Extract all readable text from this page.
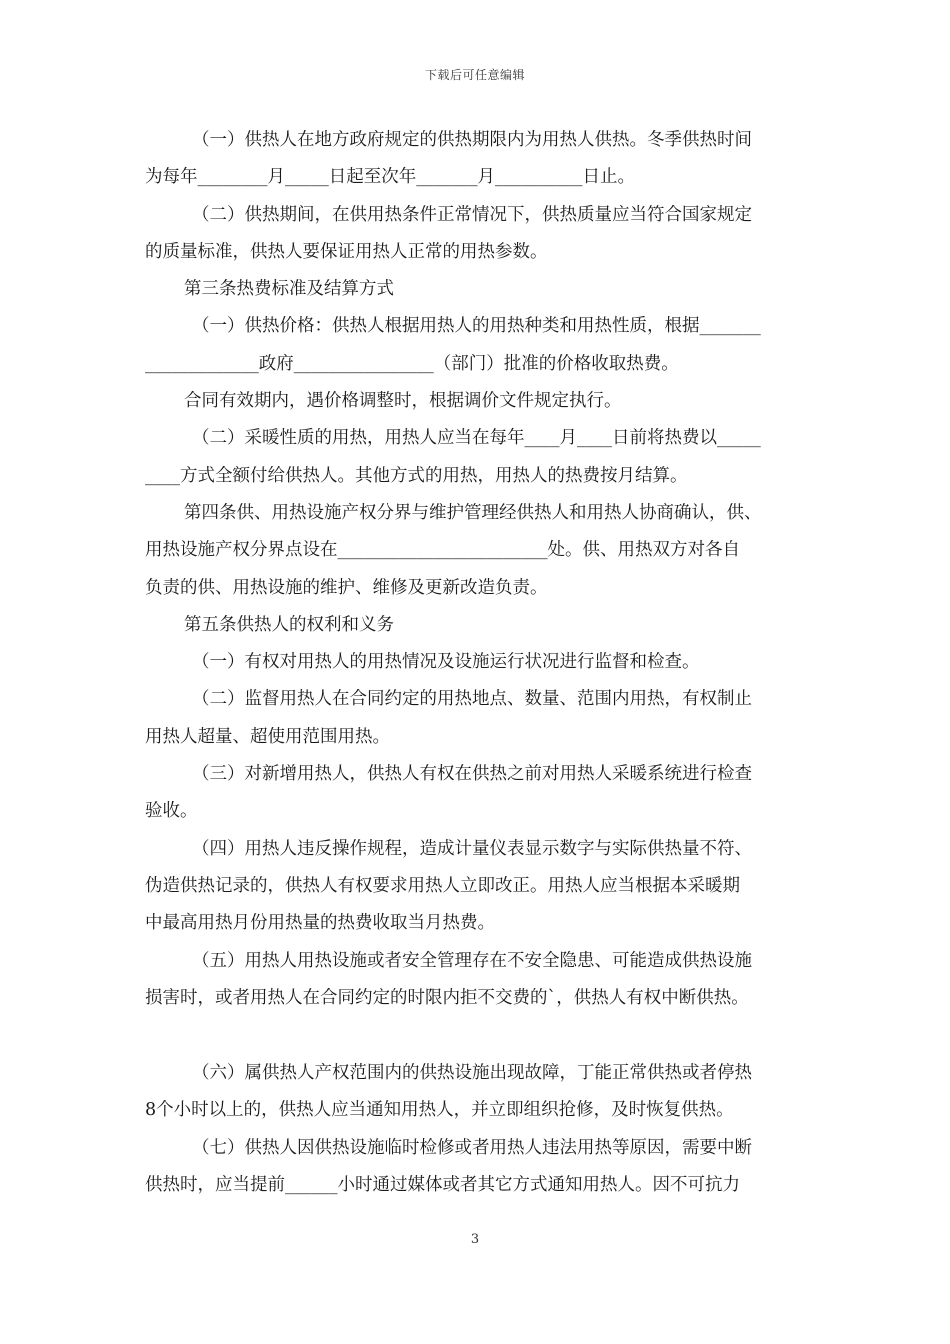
下载后可任意编辑
（一）供热人在地方政府规定的供热期限内为用热人供热。冬季供热时间
为每年________月_____日起至次年_______月__________日止。
（二）供热期间，在供用热条件正常情况下，供热质量应当符合国家规定
的质量标准，供热人要保证用热人正常的用热参数。
第三条热费标准及结算方式
（一）供热价格：供热人根据用热人的用热种类和用热性质，根据_______
_____________政府________________（部门）批准的价格收取热费。
合同有效期内，遇价格调整时，根据调价文件规定执行。
（二）采暖性质的用热，用热人应当在每年____月____日前将热费以_____
____方式全额付给供热人。其他方式的用热，用热人的热费按月结算。
第四条供、用热设施产权分界与维护管理经供热人和用热人协商确认，供、
用热设施产权分界点设在________________________处。供、用热双方对各自
负责的供、用热设施的维护、维修及更新改造负责。
第五条供热人的权利和义务
（一）有权对用热人的用热情况及设施运行状况进行监督和检查。
（二）监督用热人在合同约定的用热地点、数量、范围内用热，有权制止
用热人超量、超使用范围用热。
（三）对新增用热人，供热人有权在供热之前对用热人采暖系统进行检查
验收。
（四）用热人违反操作规程，造成计量仪表显示数字与实际供热量不符、
伪造供热记录的，供热人有权要求用热人立即改正。用热人应当根据本采暖期
中最高用热月份用热量的热费收取当月热费。
（五）用热人用热设施或者安全管理存在不安全隐患、可能造成供热设施
损害时，或者用热人在合同约定的时限内拒不交费的`，供热人有权中断供热。
（六）属供热人产权范围内的供热设施出现故障，丁能正常供热或者停热
8个小时以上的，供热人应当通知用热人，并立即组织抢修，及时恢复供热。
（七）供热人因供热设施临时检修或者用热人违法用热等原因，需要中断
供热时，应当提前______小时通过媒体或者其它方式通知用热人。因不可抗力
3
